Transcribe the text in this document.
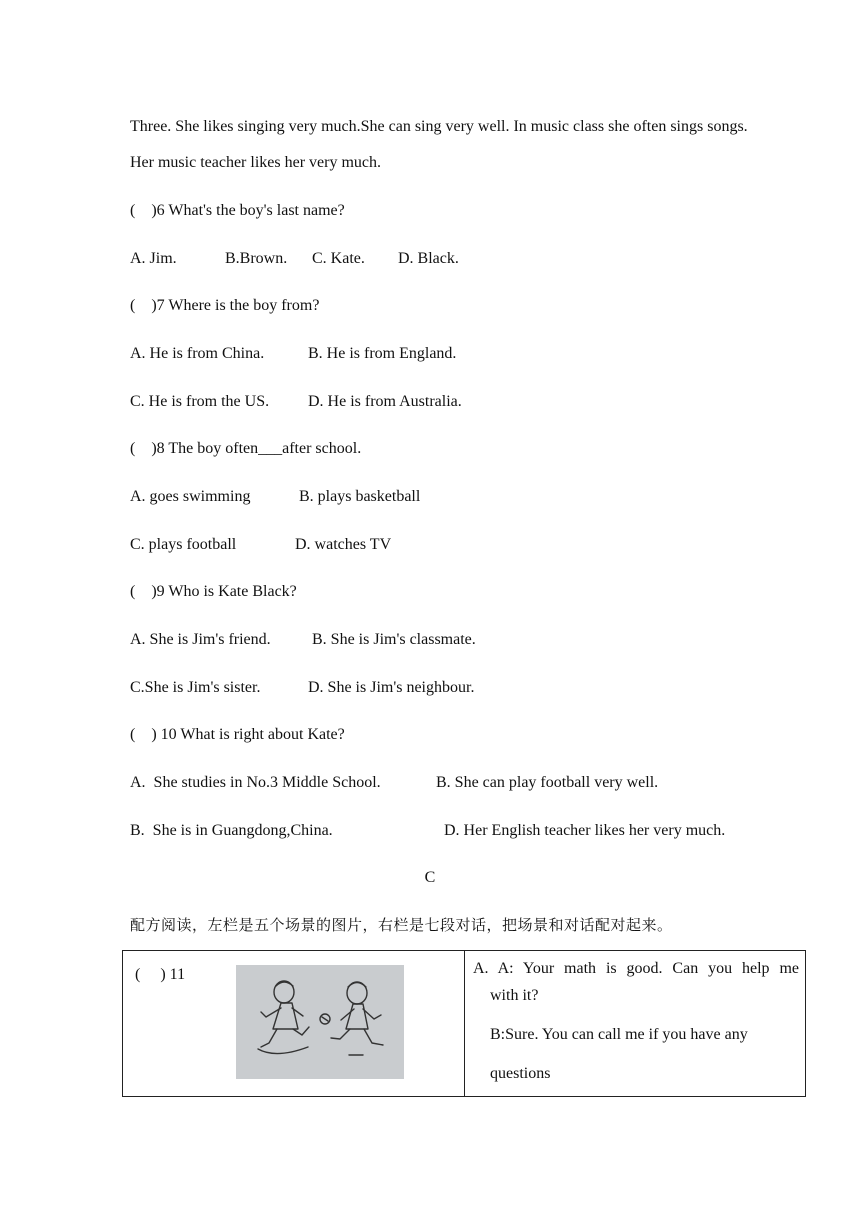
Three. She likes singing very much.She can sing very well. In music class she often sings songs.
Her music teacher likes her very much.
(    )6 What's the boy's last name?
A. Jim.	B.Brown. C. Kate. D. Black.
(    )7 Where is the boy from?
A. He is from China.	B. He is from England.
C. He is from the US. D. He is from Australia.
(    )8 The boy often___after school.
A. goes swimming	B. plays basketball
C. plays football	D. watches TV
(    )9 Who is Kate Black?
A. She is Jim's friend.	B. She is Jim's classmate.
C.She is Jim's sister.	D. She is Jim's neighbour.
(    ) 10 What is right about Kate?
A.  She studies in No.3 Middle School.	B. She can play football very well.
B.  She is in Guangdong,China.	D. Her English teacher likes her very much.
C
配方阅读，左栏是五个场景的图片，右栏是七段对话，把场景和对话配对起来。
(     ) 11	A. A: Your math is good. Can you help me
with it?
B:Sure. You can call me if you have any
questions
